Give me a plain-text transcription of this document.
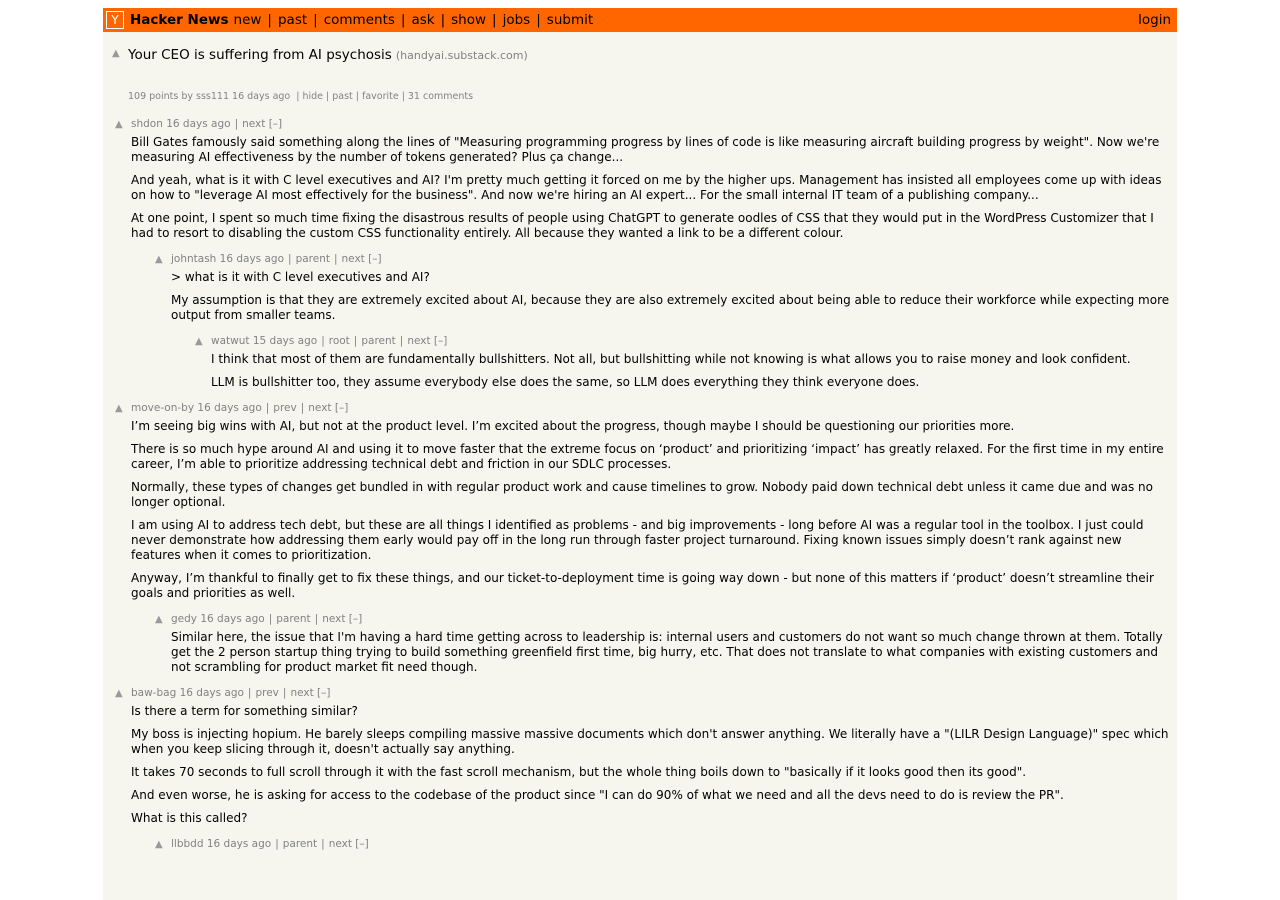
Y Hacker News new | past | comments | ask | show | jobs | submit	login
▲ Your CEO is suffering from AI psychosis (handyai.substack.com)
109 points by sss111 16 days ago | hide | past | favorite | 31 comments
▲ shdon 16 days ago | next [–]

Bill Gates famously said something along the lines of "Measuring programming progress by lines of code is like measuring aircraft building progress by weight". Now we're measuring AI effectiveness by the number of tokens generated? Plus ça change...

And yeah, what is it with C level executives and AI? I'm pretty much getting it forced on me by the higher ups. Management has insisted all employees come up with ideas on how to "leverage AI most effectively for the business". And now we're hiring an AI expert... For the small internal IT team of a publishing company...

At one point, I spent so much time fixing the disastrous results of people using ChatGPT to generate oodles of CSS that they would put in the WordPress Customizer that I had to resort to disabling the custom CSS functionality entirely. All because they wanted a link to be a different colour.

▲ johntash 16 days ago | parent | next [–]

> what is it with C level executives and AI?

My assumption is that they are extremely excited about AI, because they are also extremely excited about being able to reduce their workforce while expecting more output from smaller teams.

▲ watwut 15 days ago | root | parent | next [–]

I think that most of them are fundamentally bullshitters. Not all, but bullshitting while not knowing is what allows you to raise money and look confident.

LLM is bullshitter too, they assume everybody else does the same, so LLM does everything they think everyone does.

▲ move-on-by 16 days ago | prev | next [–]

I’m seeing big wins with AI, but not at the product level. I’m excited about the progress, though maybe I should be questioning our priorities more.

There is so much hype around AI and using it to move faster that the extreme focus on ‘product’ and prioritizing ‘impact’ has greatly relaxed. For the first time in my entire career, I’m able to prioritize addressing technical debt and friction in our SDLC processes.

Normally, these types of changes get bundled in with regular product work and cause timelines to grow. Nobody paid down technical debt unless it came due and was no longer optional.

I am using AI to address tech debt, but these are all things I identified as problems - and big improvements - long before AI was a regular tool in the toolbox. I just could never demonstrate how addressing them early would pay off in the long run through faster project turnaround. Fixing known issues simply doesn’t rank against new features when it comes to prioritization.

Anyway, I’m thankful to finally get to fix these things, and our ticket-to-deployment time is going way down - but none of this matters if ‘product’ doesn’t streamline their goals and priorities as well.

▲ gedy 16 days ago | parent | next [–]

Similar here, the issue that I'm having a hard time getting across to leadership is: internal users and customers do not want so much change thrown at them. Totally get the 2 person startup thing trying to build something greenfield first time, big hurry, etc. That does not translate to what companies with existing customers and not scrambling for product market fit need though.

▲ baw-bag 16 days ago | prev | next [–]

Is there a term for something similar?

My boss is injecting hopium. He barely sleeps compiling massive massive documents which don't answer anything. We literally have a "(LILR Design Language)" spec which when you keep slicing through it, doesn't actually say anything.

It takes 70 seconds to full scroll through it with the fast scroll mechanism, but the whole thing boils down to "basically if it looks good then its good".

And even worse, he is asking for access to the codebase of the product since "I can do 90% of what we need and all the devs need to do is review the PR".

What is this called?

▲ llbbdd 16 days ago | parent | next [–]
